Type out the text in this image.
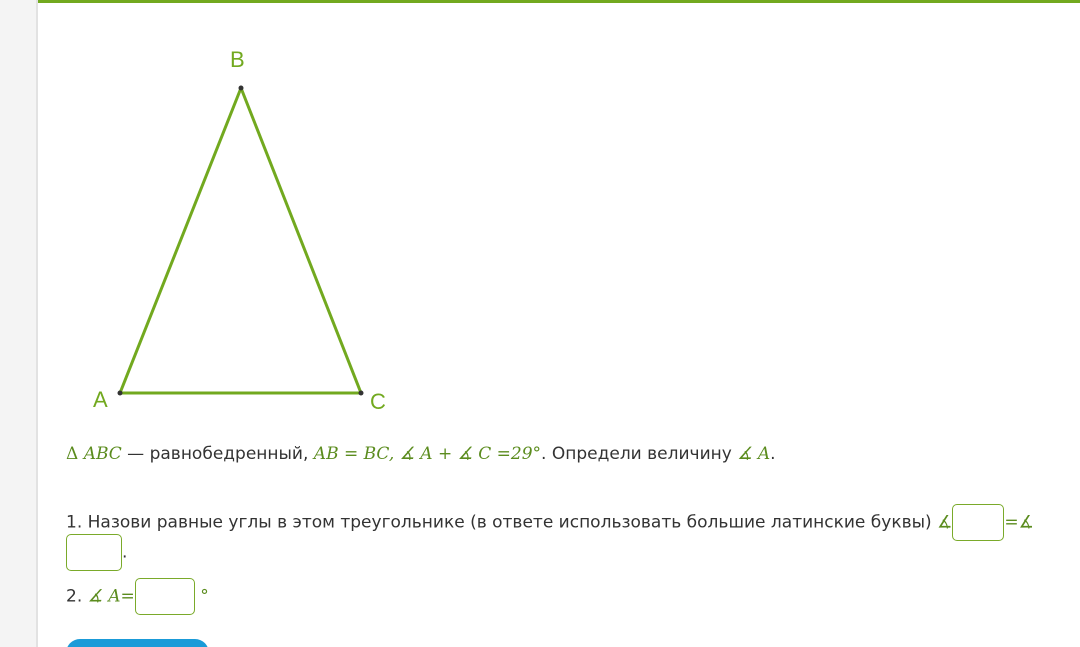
B
A	C
Δ ABC — равнобедренный, AB = BC, ∡ A + ∡ C =29°. Определи величину ∡ A.
1. Назови равные углы в этом треугольнике (в ответе использовать большие латинские буквы) ∡	=∡
.
2. ∡ A=	°
